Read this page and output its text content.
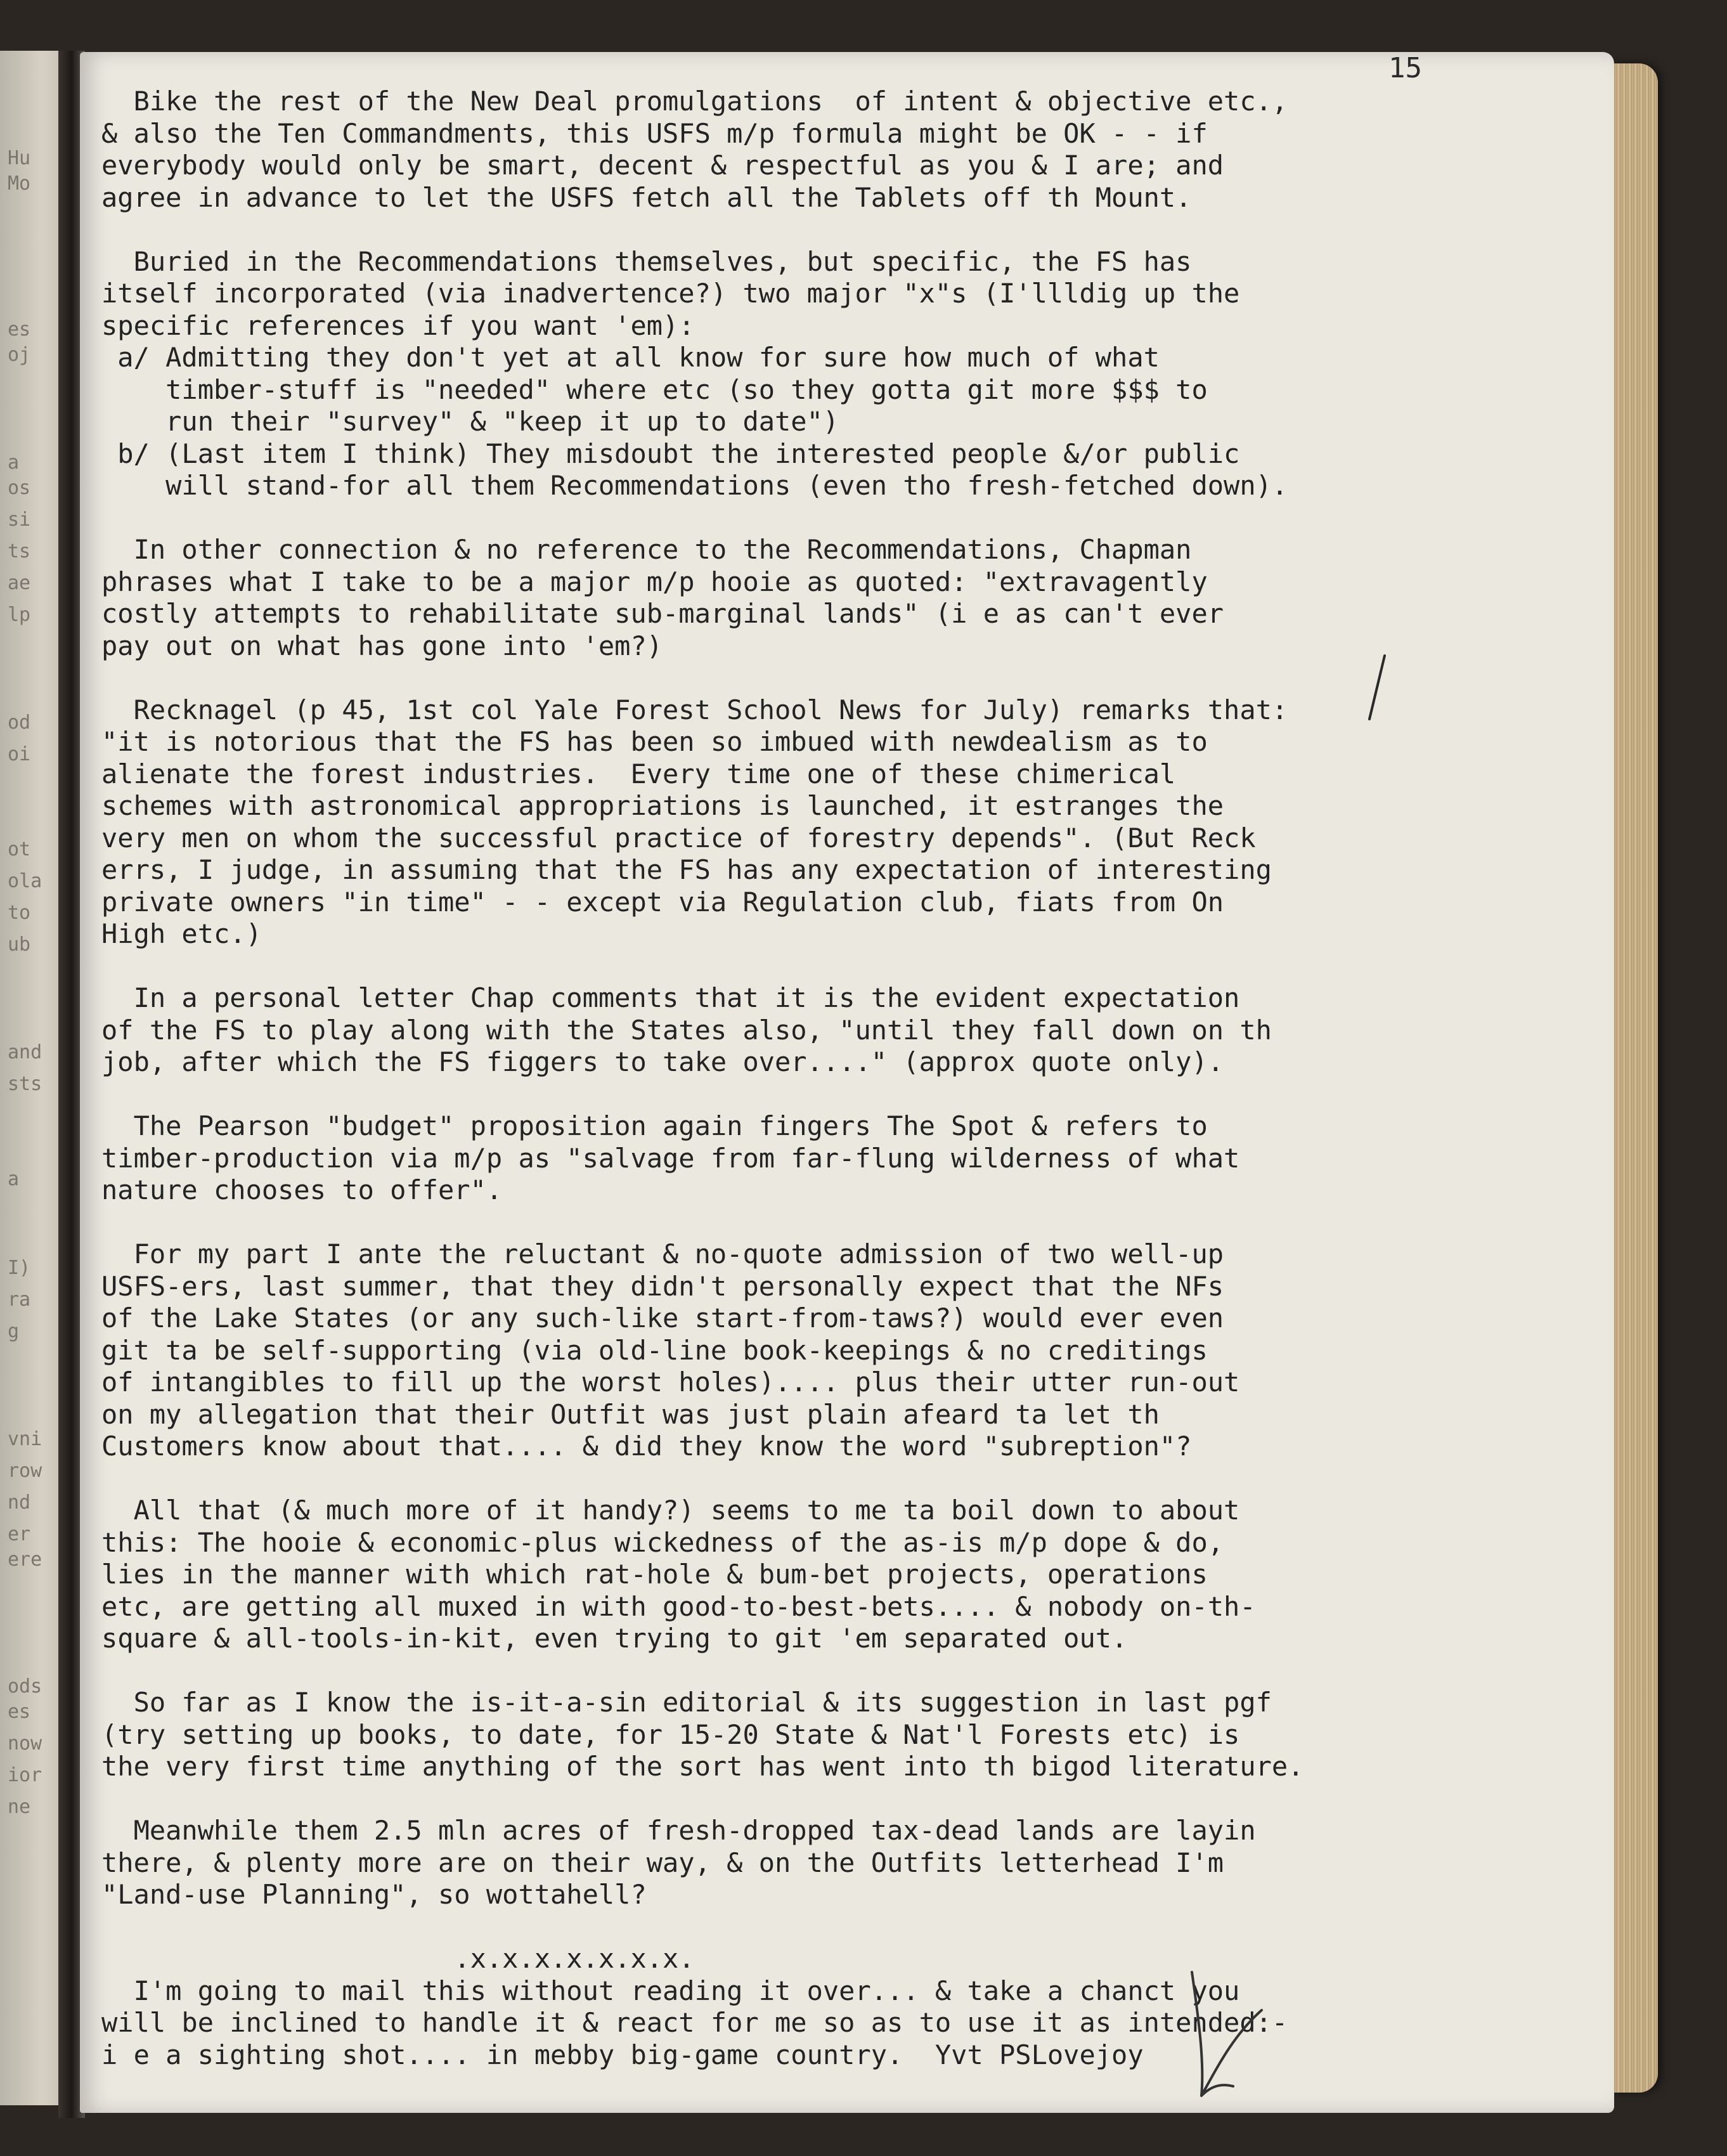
Hu
Mo
es
oj
a
os
si
ts
ae
lp
od
oi
ot
ola
to
ub
and
sts
a
I)
ra
g
vni
row
nd
er
ere
ods
es
now
ior
ne
15
Bike the rest of the New Deal promulgations  of intent & objective etc.,
& also the Ten Commandments, this USFS m/p formula might be OK - - if
everybody would only be smart, decent & respectful as you & I are; and
agree in advance to let the USFS fetch all the Tablets off th Mount.
Buried in the Recommendations themselves, but specific, the FS has
itself incorporated (via inadvertence?) two major "x"s (I'llldig up the
specific references if you want 'em):
a/ Admitting they don't yet at all know for sure how much of what
timber-stuff is "needed" where etc (so they gotta git more $$$ to
run their "survey" & "keep it up to date")
b/ (Last item I think) They misdoubt the interested people &/or public
will stand-for all them Recommendations (even tho fresh-fetched down).
In other connection & no reference to the Recommendations, Chapman
phrases what I take to be a major m/p hooie as quoted: "extravagently
costly attempts to rehabilitate sub-marginal lands" (i e as can't ever
pay out on what has gone into 'em?)
Recknagel (p 45, 1st col Yale Forest School News for July) remarks that:
"it is notorious that the FS has been so imbued with newdealism as to
alienate the forest industries.  Every time one of these chimerical
schemes with astronomical appropriations is launched, it estranges the
very men on whom the successful practice of forestry depends". (But Reck
errs, I judge, in assuming that the FS has any expectation of interesting
private owners "in time" - - except via Regulation club, fiats from On
High etc.)
In a personal letter Chap comments that it is the evident expectation
of the FS to play along with the States also, "until they fall down on th
job, after which the FS figgers to take over...." (approx quote only).
The Pearson "budget" proposition again fingers The Spot & refers to
timber-production via m/p as "salvage from far-flung wilderness of what
nature chooses to offer".
For my part I ante the reluctant & no-quote admission of two well-up
USFS-ers, last summer, that they didn't personally expect that the NFs
of the Lake States (or any such-like start-from-taws?) would ever even
git ta be self-supporting (via old-line book-keepings & no creditings
of intangibles to fill up the worst holes).... plus their utter run-out
on my allegation that their Outfit was just plain afeard ta let th
Customers know about that.... & did they know the word "subreption"?
All that (& much more of it handy?) seems to me ta boil down to about
this: The hooie & economic-plus wickedness of the as-is m/p dope & do,
lies in the manner with which rat-hole & bum-bet projects, operations
etc, are getting all muxed in with good-to-best-bets.... & nobody on-th-
square & all-tools-in-kit, even trying to git 'em separated out.
So far as I know the is-it-a-sin editorial & its suggestion in last pgf
(try setting up books, to date, for 15-20 State & Nat'l Forests etc) is
the very first time anything of the sort has went into th bigod literature.
Meanwhile them 2.5 mln acres of fresh-dropped tax-dead lands are layin
there, & plenty more are on their way, & on the Outfits letterhead I'm
"Land-use Planning", so wottahell?
.x.x.x.x.x.x.x.
I'm going to mail this without reading it over... & take a chanct you
will be inclined to handle it & react for me so as to use it as intended:-
i e a sighting shot.... in mebby big-game country.  Yvt PSLovejoy
